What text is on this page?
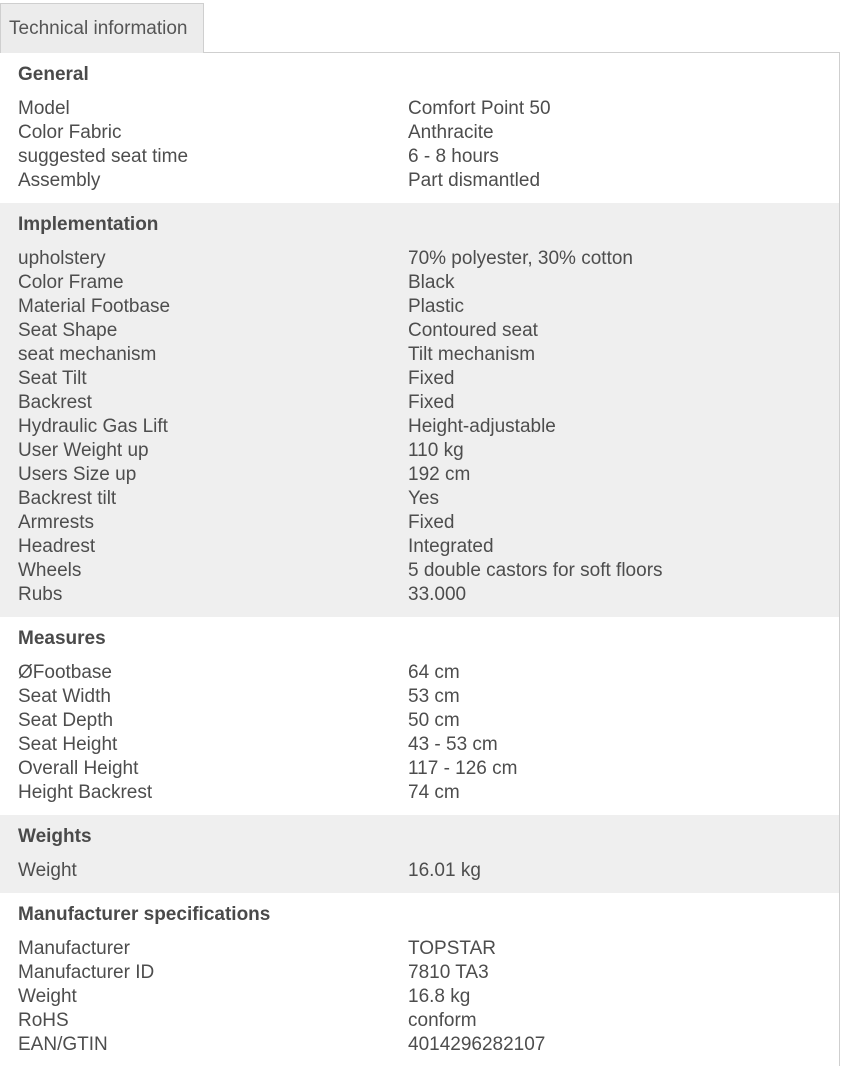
Technical information
General
Model	Comfort Point 50
Color Fabric	Anthracite
suggested seat time	6 - 8 hours
Assembly	Part dismantled
Implementation
upholstery	70% polyester, 30% cotton
Color Frame	Black
Material Footbase	Plastic
Seat Shape	Contoured seat
seat mechanism	Tilt mechanism
Seat Tilt	Fixed
Backrest	Fixed
Hydraulic Gas Lift	Height-adjustable
User Weight up	110 kg
Users Size up	192 cm
Backrest tilt	Yes
Armrests	Fixed
Headrest	Integrated
Wheels	5 double castors for soft floors
Rubs	33.000
Measures
ØFootbase	64 cm
Seat Width	53 cm
Seat Depth	50 cm
Seat Height	43 - 53 cm
Overall Height	117 - 126 cm
Height Backrest	74 cm
Weights
Weight	16.01 kg
Manufacturer specifications
Manufacturer	TOPSTAR
Manufacturer ID	7810 TA3
Weight	16.8 kg
RoHS	conform
EAN/GTIN	4014296282107
